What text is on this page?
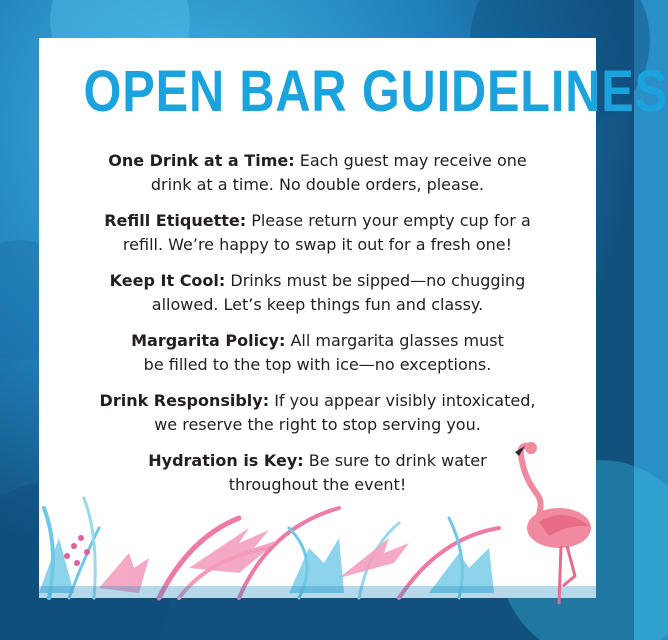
OPEN BAR GUIDELINES
One Drink at a Time: Each guest may receive one
drink at a time. No double orders, please.
Refill Etiquette: Please return your empty cup for a
refill. We’re happy to swap it out for a fresh one!
Keep It Cool: Drinks must be sipped—no chugging
allowed. Let’s keep things fun and classy.
Margarita Policy: All margarita glasses must
be filled to the top with ice—no exceptions.
Drink Responsibly: If you appear visibly intoxicated,
we reserve the right to stop serving you.
Hydration is Key: Be sure to drink water
throughout the event!
